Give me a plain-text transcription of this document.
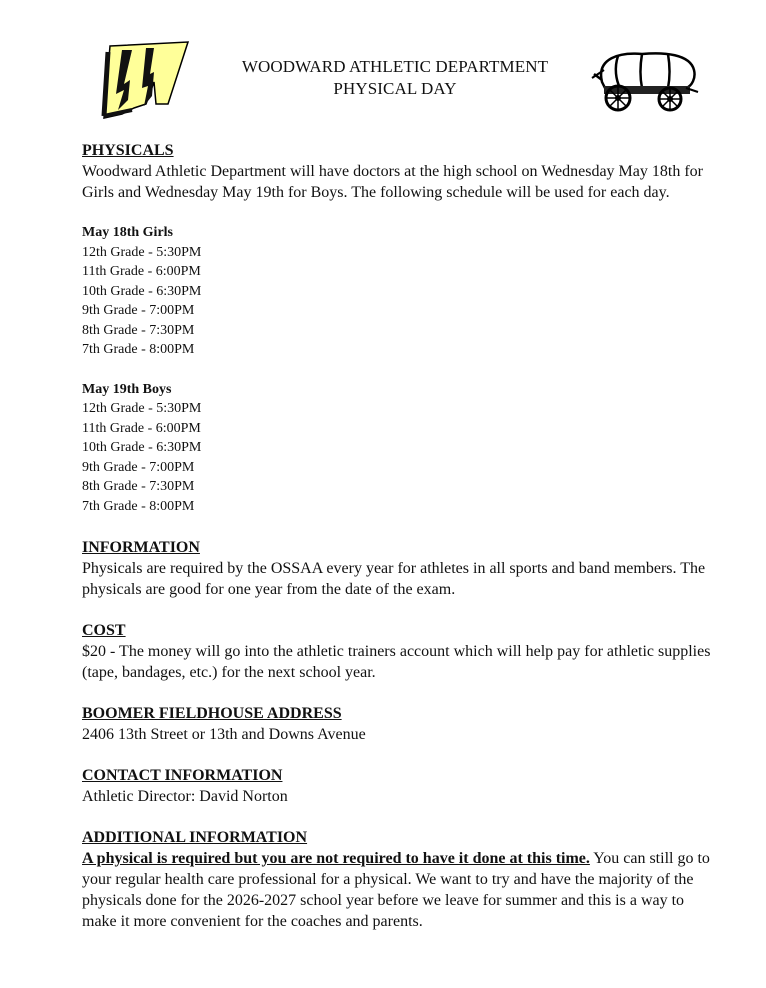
WOODWARD ATHLETIC DEPARTMENT
PHYSICAL DAY
PHYSICALS

Woodward Athletic Department will have doctors at the high school on Wednesday May 18th for Girls and Wednesday May 19th for Boys. The following schedule will be used for each day.

May 18th Girls
12th Grade - 5:30PM
11th Grade - 6:00PM
10th Grade - 6:30PM
9th Grade - 7:00PM
8th Grade - 7:30PM
7th Grade - 8:00PM
May 19th Boys
12th Grade - 5:30PM
11th Grade - 6:00PM
10th Grade - 6:30PM
9th Grade - 7:00PM
8th Grade - 7:30PM
7th Grade - 8:00PM
INFORMATION

Physicals are required by the OSSAA every year for athletes in all sports and band members. The physicals are good for one year from the date of the exam.

COST

$20 - The money will go into the athletic trainers account which will help pay for athletic supplies (tape, bandages, etc.) for the next school year.

BOOMER FIELDHOUSE ADDRESS

2406 13th Street or 13th and Downs Avenue

CONTACT INFORMATION

Athletic Director: David Norton

ADDITIONAL INFORMATION

A physical is required but you are not required to have it done at this time. You can still go to your regular health care professional for a physical. We want to try and have the majority of the physicals done for the 2026-2027 school year before we leave for summer and this is a way to make it more convenient for the coaches and parents.
